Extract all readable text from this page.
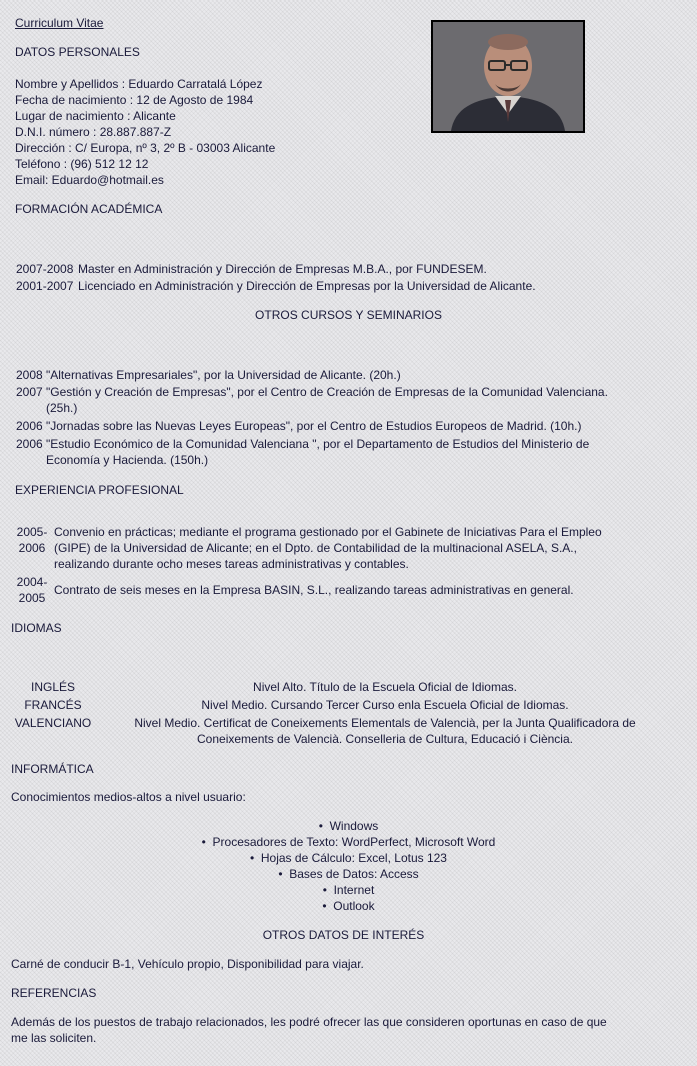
Curriculum Vitae
DATOS PERSONALES
Nombre y Apellidos : Eduardo Carratalá López
Fecha de nacimiento : 12 de Agosto de 1984
Lugar de nacimiento : Alicante
D.N.I. número : 28.887.887-Z
Dirección : C/ Europa, nº 3, 2º B - 03003 Alicante
Teléfono : (96) 512 12 12
Email: Eduardo@hotmail.es
FORMACIÓN ACADÉMICA
2007-2008 Master en Administración y Dirección de Empresas M.B.A., por FUNDESEM.
2001-2007 Licenciado en Administración y Dirección de Empresas por la Universidad de Alicante.
OTROS CURSOS Y SEMINARIOS
2008 "Alternativas Empresariales", por la Universidad de Alicante. (20h.)
2007 "Gestión y Creación de Empresas", por el Centro de Creación de Empresas de la Comunidad Valenciana.
(25h.)
2006 "Jornadas sobre las Nuevas Leyes Europeas", por el Centro de Estudios Europeos de Madrid. (10h.)
2006 "Estudio Económico de la Comunidad Valenciana ", por el Departamento de Estudios del Ministerio de
Economía y Hacienda. (150h.)
EXPERIENCIA PROFESIONAL
2005-
2006
Convenio en prácticas; mediante el programa gestionado por el Gabinete de Iniciativas Para el Empleo
(GIPE) de la Universidad de Alicante; en el Dpto. de Contabilidad de la multinacional ASELA, S.A.,
realizando durante ocho meses tareas administrativas y contables.
2004-
2005
Contrato de seis meses en la Empresa BASIN, S.L., realizando tareas administrativas en general.
IDIOMAS
INGLÉS	Nivel Alto. Título de la Escuela Oficial de Idiomas.
FRANCÉS	Nivel Medio. Cursando Tercer Curso enla Escuela Oficial de Idiomas.
VALENCIANO	Nivel Medio. Certificat de Coneixements Elementals de Valencià, per la Junta Qualificadora de
Coneixements de Valencià. Conselleria de Cultura, Educació i Ciència.
INFORMÁTICA
Conocimientos medios-altos a nivel usuario:
•  Windows
•  Procesadores de Texto: WordPerfect, Microsoft Word
•  Hojas de Cálculo: Excel, Lotus 123
•  Bases de Datos: Access
•  Internet
•  Outlook
OTROS DATOS DE INTERÉS
Carné de conducir B-1, Vehículo propio, Disponibilidad para viajar.
REFERENCIAS
Además de los puestos de trabajo relacionados, les podré ofrecer las que consideren oportunas en caso de que
me las soliciten.
